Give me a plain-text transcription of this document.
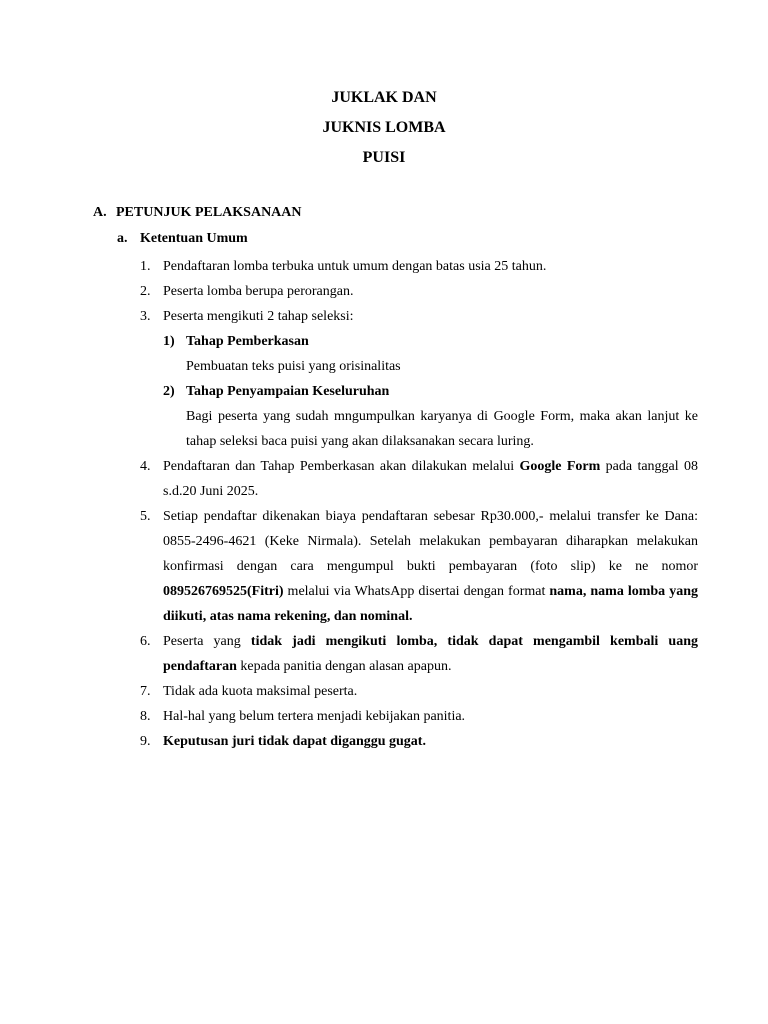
JUKLAK DAN
JUKNIS LOMBA
PUISI
A. PETUNJUK PELAKSANAAN
a. Ketentuan Umum
1. Pendaftaran lomba terbuka untuk umum dengan batas usia 25 tahun.
2. Peserta lomba berupa perorangan.
3. Peserta mengikuti 2 tahap seleksi:
1) Tahap Pemberkasan
Pembuatan teks puisi yang orisinalitas
2) Tahap Penyampaian Keseluruhan
Bagi peserta yang sudah mngumpulkan karyanya di Google Form, maka akan lanjut ke tahap seleksi baca puisi yang akan dilaksanakan secara luring.
4. Pendaftaran dan Tahap Pemberkasan akan dilakukan melalui Google Form pada tanggal 08 s.d.20 Juni 2025.
5. Setiap pendaftar dikenakan biaya pendaftaran sebesar Rp30.000,- melalui transfer ke Dana: 0855-2496-4621 (Keke Nirmala). Setelah melakukan pembayaran diharapkan melakukan konfirmasi dengan cara mengumpul bukti pembayaran (foto slip) ke ne nomor 089526769525(Fitri) melalui via WhatsApp disertai dengan format nama, nama lomba yang diikuti, atas nama rekening, dan nominal.
6. Peserta yang tidak jadi mengikuti lomba, tidak dapat mengambil kembali uang pendaftaran kepada panitia dengan alasan apapun.
7. Tidak ada kuota maksimal peserta.
8. Hal-hal yang belum tertera menjadi kebijakan panitia.
9. Keputusan juri tidak dapat diganggu gugat.
